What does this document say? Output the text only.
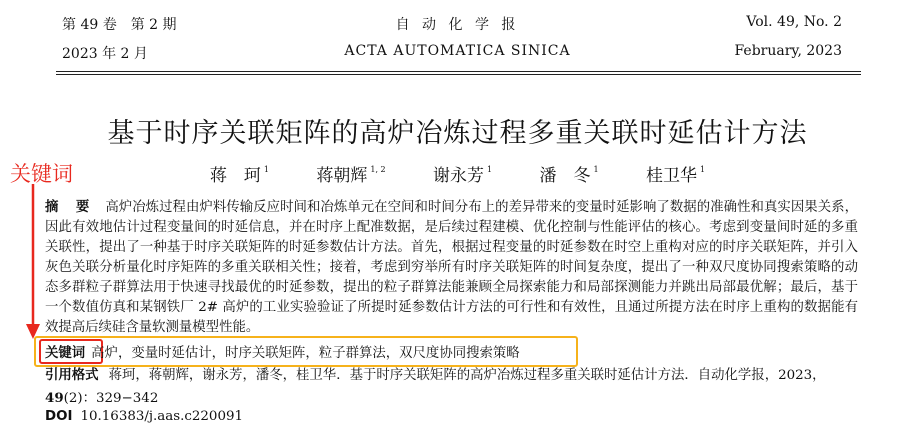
第 49 卷　第 2 期
2023 年 2 月
自 动 化 学 报
ACTA AUTOMATICA SINICA
Vol. 49, No. 2
February, 2023
基于时序关联矩阵的高炉冶炼过程多重关联时延估计方法
蒋　珂 $^1$	蒋朝辉 $^{1, 2}$	谢永芳 $^1$	潘　冬 $^1$	桂卫华 $^1$
关键词
摘　要 高炉冶炼过程由炉料传输反应时间和冶炼单元在空间和时间分布上的差异带来的变量时延影响了数据的准确性和真实因果关系，因此有效地估计过程变量间的时延信息，并在时序上配准数据，是后续过程建模、优化控制与性能评估的核心。考虑到变量间时延的多重关联性，提出了一种基于时序关联矩阵的时延参数估计方法。首先，根据过程变量的时延参数在时空上重构对应的时序关联矩阵，并引入灰色关联分析量化时序矩阵的多重关联相关性；接着，考虑到穷举所有时序关联矩阵的时间复杂度，提出了一种双尺度协同搜索策略的动态多群粒子群算法用于快速寻找最优的时延参数，提出的粒子群算法能兼顾全局探索能力和局部探测能力并跳出局部最优解；最后，基于一个数值仿真和某钢铁厂 2# 高炉的工业实验验证了所提时延参数估计方法的可行性和有效性，且通过所提方法在时序上重构的数据能有效提高后续硅含量软测量模型性能。
关键词 高炉，变量时延估计，时序关联矩阵，粒子群算法，双尺度协同搜索策略
引用格式 蒋珂，蒋朝辉，谢永芳，潘冬，桂卫华．基于时序关联矩阵的高炉冶炼过程多重关联时延估计方法．自动化学报，2023，49(2)：329−342
DOI 10.16383/j.aas.c220091
